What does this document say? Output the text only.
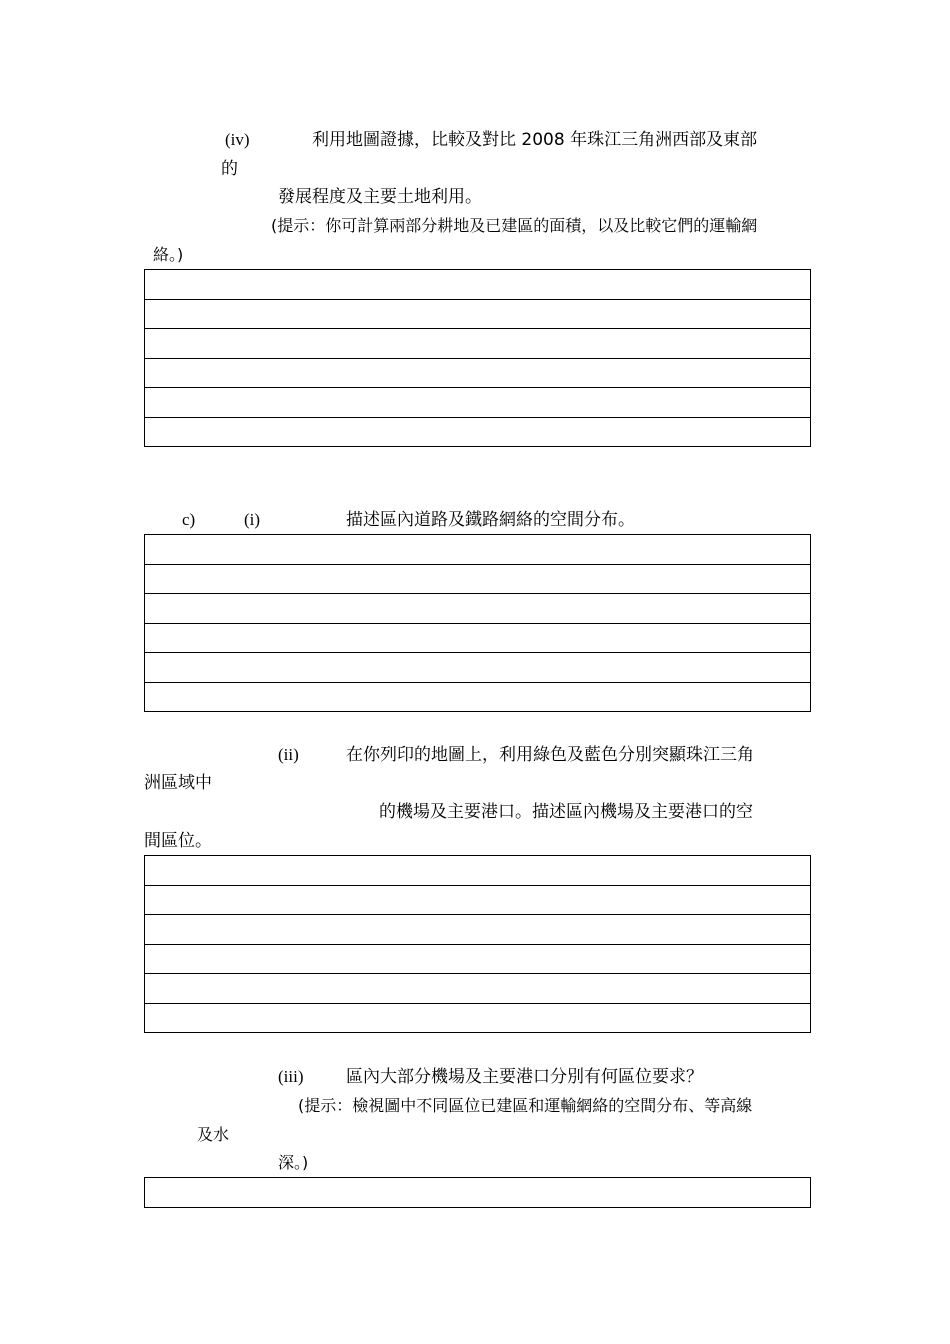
(iv)	利用地圖證據，比較及對比 2008 年珠江三角洲西部及東部
的
發展程度及主要土地利用。
(提示：你可計算兩部分耕地及已建區的面積，以及比較它們的運輸網
絡。)
c)	(i)	描述區內道路及鐵路網絡的空間分布。
(ii)	在你列印的地圖上，利用綠色及藍色分別突顯珠江三角
洲區域中
的機場及主要港口。描述區內機場及主要港口的空
間區位。
(iii)	區內大部分機場及主要港口分別有何區位要求？
(提示：檢視圖中不同區位已建區和運輸網絡的空間分布、等高線
及水
深。)
